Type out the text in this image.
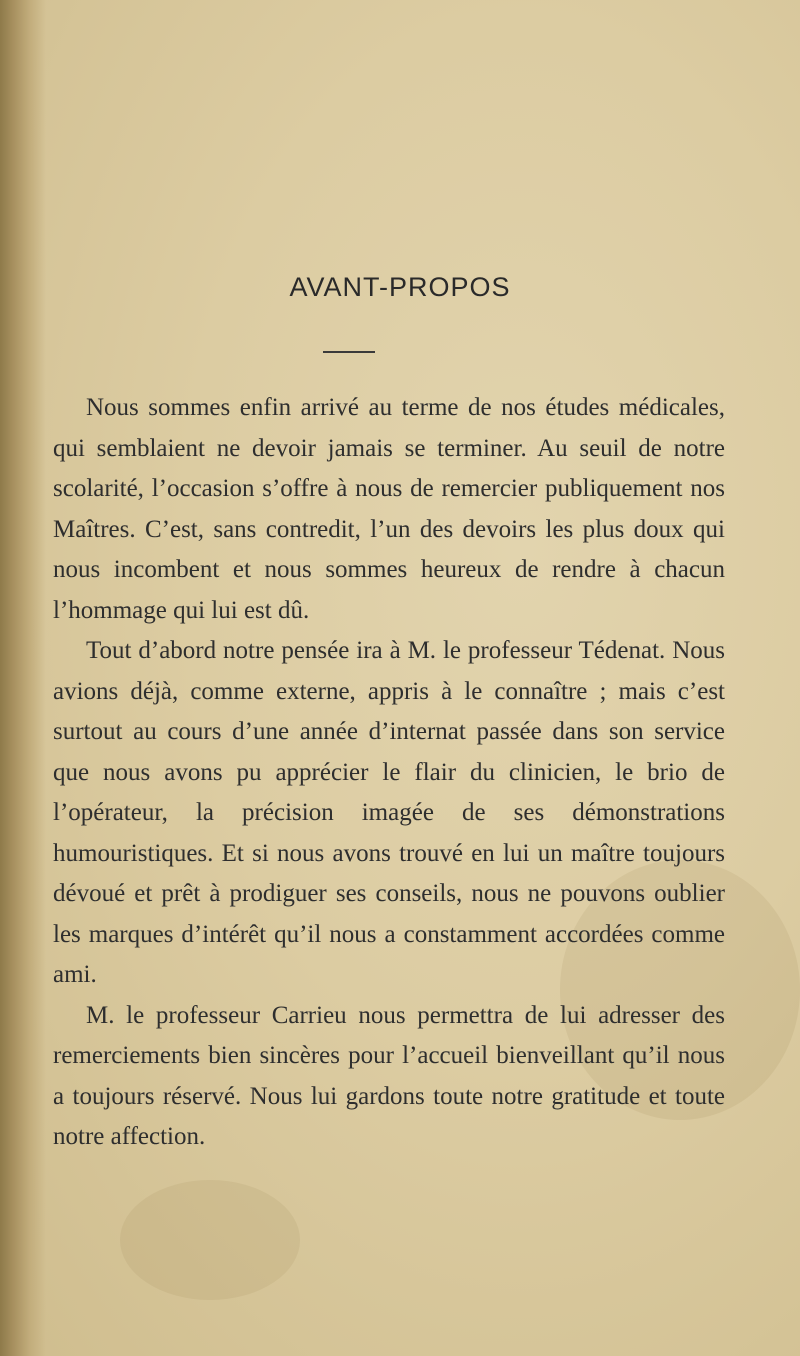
AVANT-PROPOS

Nous sommes enfin arrivé au terme de nos études médicales, qui semblaient ne devoir jamais se terminer. Au seuil de notre scolarité, l’occasion s’offre à nous de remercier publiquement nos Maîtres. C’est, sans contredit, l’un des devoirs les plus doux qui nous incombent et nous sommes heureux de rendre à chacun l’hommage qui lui est dû.

Tout d’abord notre pensée ira à M. le professeur Tédenat. Nous avions déjà, comme externe, appris à le connaître ; mais c’est surtout au cours d’une année d’internat passée dans son service que nous avons pu apprécier le flair du clinicien, le brio de l’opérateur, la précision imagée de ses démonstrations humouristiques. Et si nous avons trouvé en lui un maître toujours dévoué et prêt à prodiguer ses conseils, nous ne pouvons oublier les marques d’intérêt qu’il nous a constamment accordées comme ami.

M. le professeur Carrieu nous permettra de lui adresser des remerciements bien sincères pour l’accueil bienveillant qu’il nous a toujours réservé. Nous lui gardons toute notre gratitude et toute notre affection.
